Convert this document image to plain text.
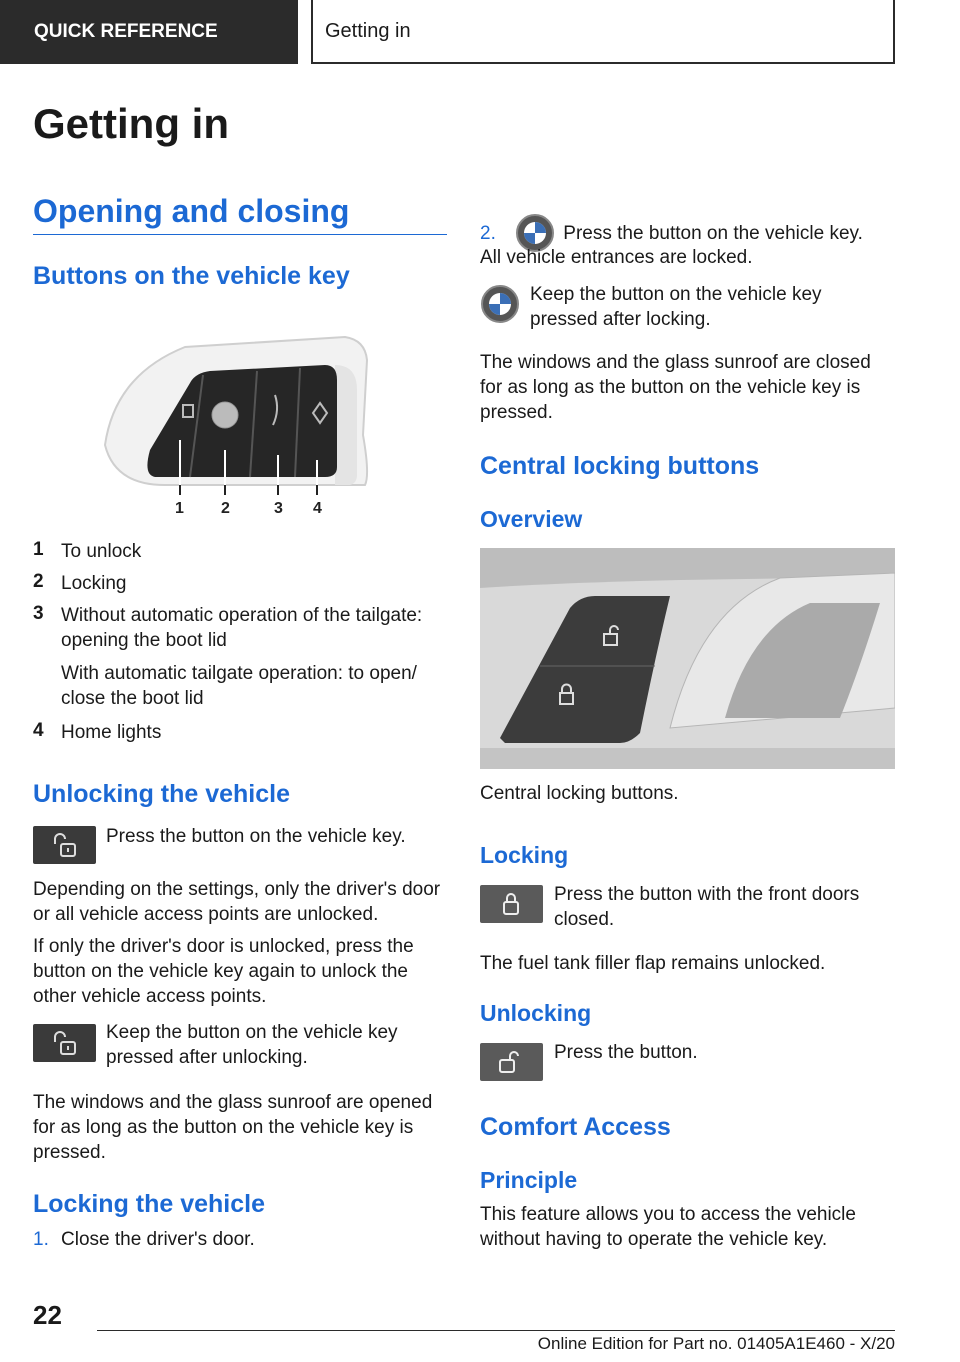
QUICK REFERENCE	Getting in
Getting in
Opening and closing
Buttons on the vehicle key
1 2	3 4
1 To unlock
2 Locking
3 Without automatic operation of the tailgate: opening the boot lid
With automatic tailgate operation: to open/ close the boot lid
4 Home lights
Unlocking the vehicle
Press the button on the vehicle key.
Depending on the settings, only the driver's door or all vehicle access points are unlocked.
If only the driver's door is unlocked, press the button on the vehicle key again to unlock the other vehicle access points.
Keep the button on the vehicle key pressed after unlocking.
The windows and the glass sunroof are opened for as long as the button on the vehicle key is pressed.
Locking the vehicle
1. Close the driver's door.
2.	Press the button on the vehicle key.
All vehicle entrances are locked.
Keep the button on the vehicle key pressed after locking.
The windows and the glass sunroof are closed for as long as the button on the vehicle key is pressed.
Central locking buttons
Overview
Central locking buttons.
Locking
Press the button with the front doors closed.
The fuel tank filler flap remains unlocked.
Unlocking
Press the button.
Comfort Access
Principle
This feature allows you to access the vehicle without having to operate the vehicle key.
22
Online Edition for Part no. 01405A1E460 - X/20
